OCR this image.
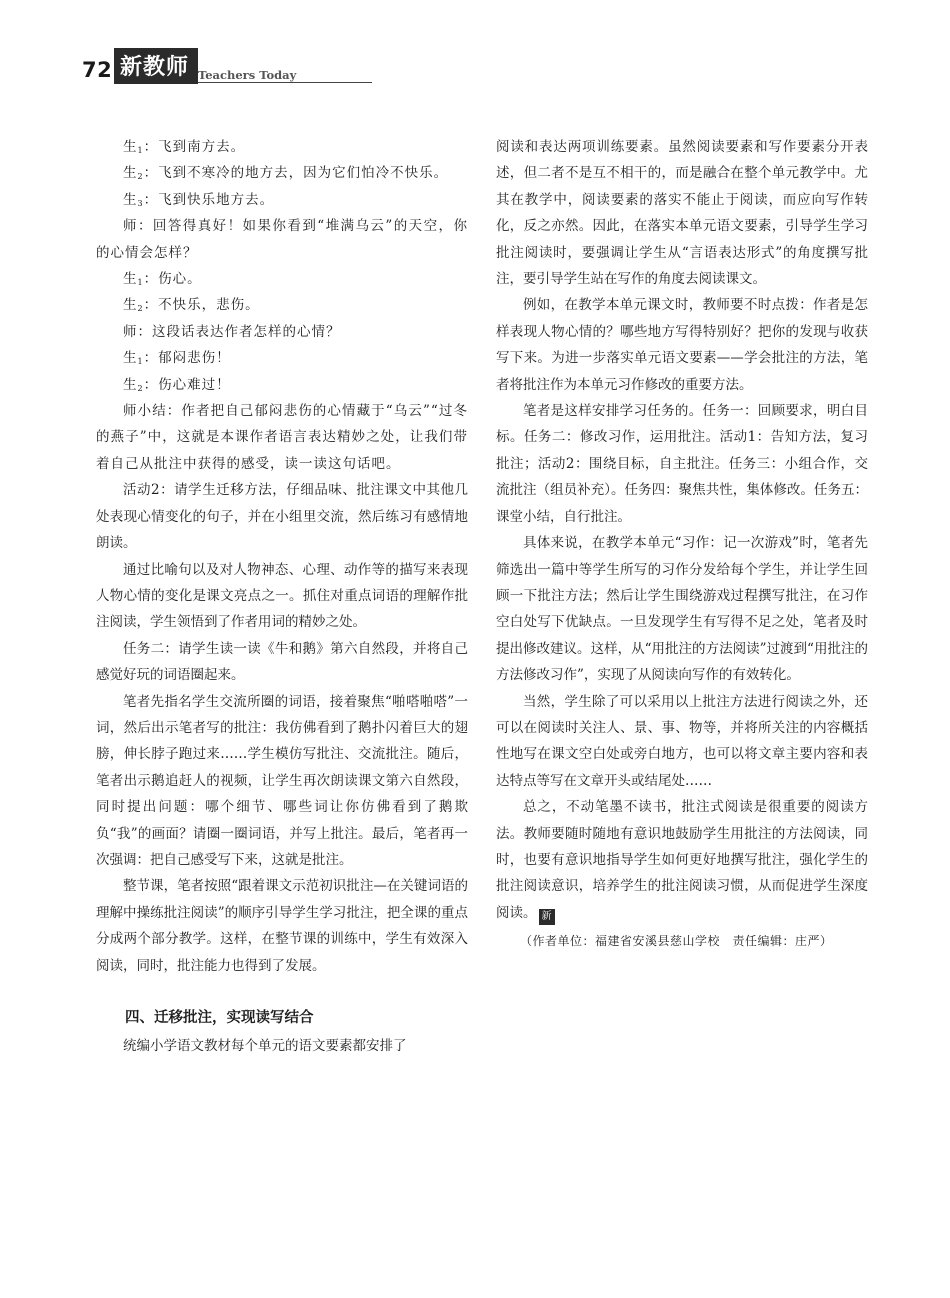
72 新教师 Teachers Today

生$_1$：飞到南方去。

生$_2$：飞到不寒冷的地方去，因为它们怕冷不快乐。

生$_3$：飞到快乐地方去。

师：回答得真好！如果你看到“堆满乌云”的天空，你的心情会怎样？

生$_1$：伤心。

生$_2$：不快乐，悲伤。

师：这段话表达作者怎样的心情？

生$_1$：郁闷悲伤！

生$_2$：伤心难过！

师小结：作者把自己郁闷悲伤的心情藏于“乌云”“过冬的燕子”中，这就是本课作者语言表达精妙之处，让我们带着自己从批注中获得的感受，读一读这句话吧。

活动2：请学生迁移方法，仔细品味、批注课文中其他几处表现心情变化的句子，并在小组里交流，然后练习有感情地朗读。

通过比喻句以及对人物神态、心理、动作等的描写来表现人物心情的变化是课文亮点之一。抓住对重点词语的理解作批注阅读，学生领悟到了作者用词的精妙之处。

任务二：请学生读一读《牛和鹅》第六自然段，并将自己感觉好玩的词语圈起来。

笔者先指名学生交流所圈的词语，接着聚焦“啪嗒啪嗒”一词，然后出示笔者写的批注：我仿佛看到了鹅扑闪着巨大的翅膀，伸长脖子跑过来……学生模仿写批注、交流批注。随后，笔者出示鹅追赶人的视频，让学生再次朗读课文第六自然段，同时提出问题：哪个细节、哪些词让你仿佛看到了鹅欺负“我”的画面？请圈一圈词语，并写上批注。最后，笔者再一次强调：把自己感受写下来，这就是批注。

整节课，笔者按照“跟着课文示范初识批注—在关键词语的理解中操练批注阅读”的顺序引导学生学习批注，把全课的重点分成两个部分教学。这样，在整节课的训练中，学生有效深入阅读，同时，批注能力也得到了发展。

四、迁移批注，实现读写结合

统编小学语文教材每个单元的语文要素都安排了

阅读和表达两项训练要素。虽然阅读要素和写作要素分开表述，但二者不是互不相干的，而是融合在整个单元教学中。尤其在教学中，阅读要素的落实不能止于阅读，而应向写作转化，反之亦然。因此，在落实本单元语文要素，引导学生学习批注阅读时，要强调让学生从“言语表达形式”的角度撰写批注，要引导学生站在写作的角度去阅读课文。

例如，在教学本单元课文时，教师要不时点拨：作者是怎样表现人物心情的？哪些地方写得特别好？把你的发现与收获写下来。为进一步落实单元语文要素——学会批注的方法，笔者将批注作为本单元习作修改的重要方法。

笔者是这样安排学习任务的。任务一：回顾要求，明白目标。任务二：修改习作，运用批注。活动1：告知方法，复习批注；活动2：围绕目标，自主批注。任务三：小组合作，交流批注（组员补充）。任务四：聚焦共性，集体修改。任务五：课堂小结，自行批注。

具体来说，在教学本单元“习作：记一次游戏”时，笔者先筛选出一篇中等学生所写的习作分发给每个学生，并让学生回顾一下批注方法；然后让学生围绕游戏过程撰写批注，在习作空白处写下优缺点。一旦发现学生有写得不足之处，笔者及时提出修改建议。这样，从“用批注的方法阅读”过渡到“用批注的方法修改习作”，实现了从阅读向写作的有效转化。

当然，学生除了可以采用以上批注方法进行阅读之外，还可以在阅读时关注人、景、事、物等，并将所关注的内容概括性地写在课文空白处或旁白地方，也可以将文章主要内容和表达特点等写在文章开头或结尾处……

总之，不动笔墨不读书，批注式阅读是很重要的阅读方法。教师要随时随地有意识地鼓励学生用批注的方法阅读，同时，也要有意识地指导学生如何更好地撰写批注，强化学生的批注阅读意识，培养学生的批注阅读习惯，从而促进学生深度阅读。 新

（作者单位：福建省安溪县慈山学校　责任编辑：庄严）
